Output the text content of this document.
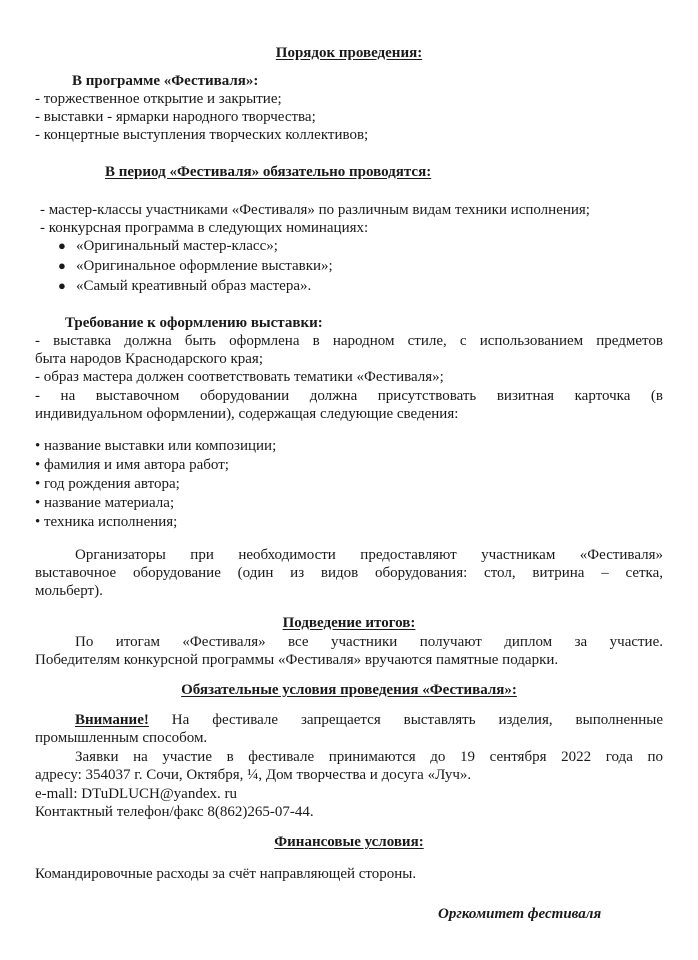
Порядок проведения:
В программе «Фестиваля»:
- торжественное открытие и закрытие;
- выставки - ярмарки народного творчества;
- концертные выступления творческих коллективов;
В период «Фестиваля» обязательно проводятся:
- мастер-классы участниками «Фестиваля» по различным видам техники исполнения;
- конкурсная программа в следующих номинациях:
● «Оригинальный мастер-класс»;
● «Оригинальное оформление выставки»;
● «Самый креативный образ мастера».
Требование к оформлению выставки:
- выставка должна быть оформлена в народном стиле, с использованием предметов
быта народов Краснодарского края;
- образ мастера должен соответствовать тематики «Фестиваля»;
- на выставочном оборудовании должна присутствовать визитная карточка (в
индивидуальном оформлении), содержащая следующие сведения:
• название выставки или композиции;
• фамилия и имя автора работ;
• год рождения автора;
• название материала;
• техника исполнения;
Организаторы при необходимости предоставляют участникам «Фестиваля»
выставочное оборудование (один из видов оборудования: стол, витрина – сетка,
мольберт).
Подведение итогов:
По итогам «Фестиваля» все участники получают диплом за участие.
Победителям конкурсной программы «Фестиваля» вручаются памятные подарки.
Обязательные условия проведения «Фестиваля»:
Внимание! На фестивале запрещается выставлять изделия, выполненные
промышленным способом.
Заявки на участие в фестивале принимаются до 19 сентября 2022 года по
адресу: 354037 г. Сочи, Октября, ¼, Дом творчества и досуга «Луч».
e-mall: DTuDLUCH@yandex. ru
Контактный телефон/факс 8(862)265-07-44.
Финансовые условия:
Командировочные расходы за счёт направляющей стороны.
Оргкомитет фестиваля
